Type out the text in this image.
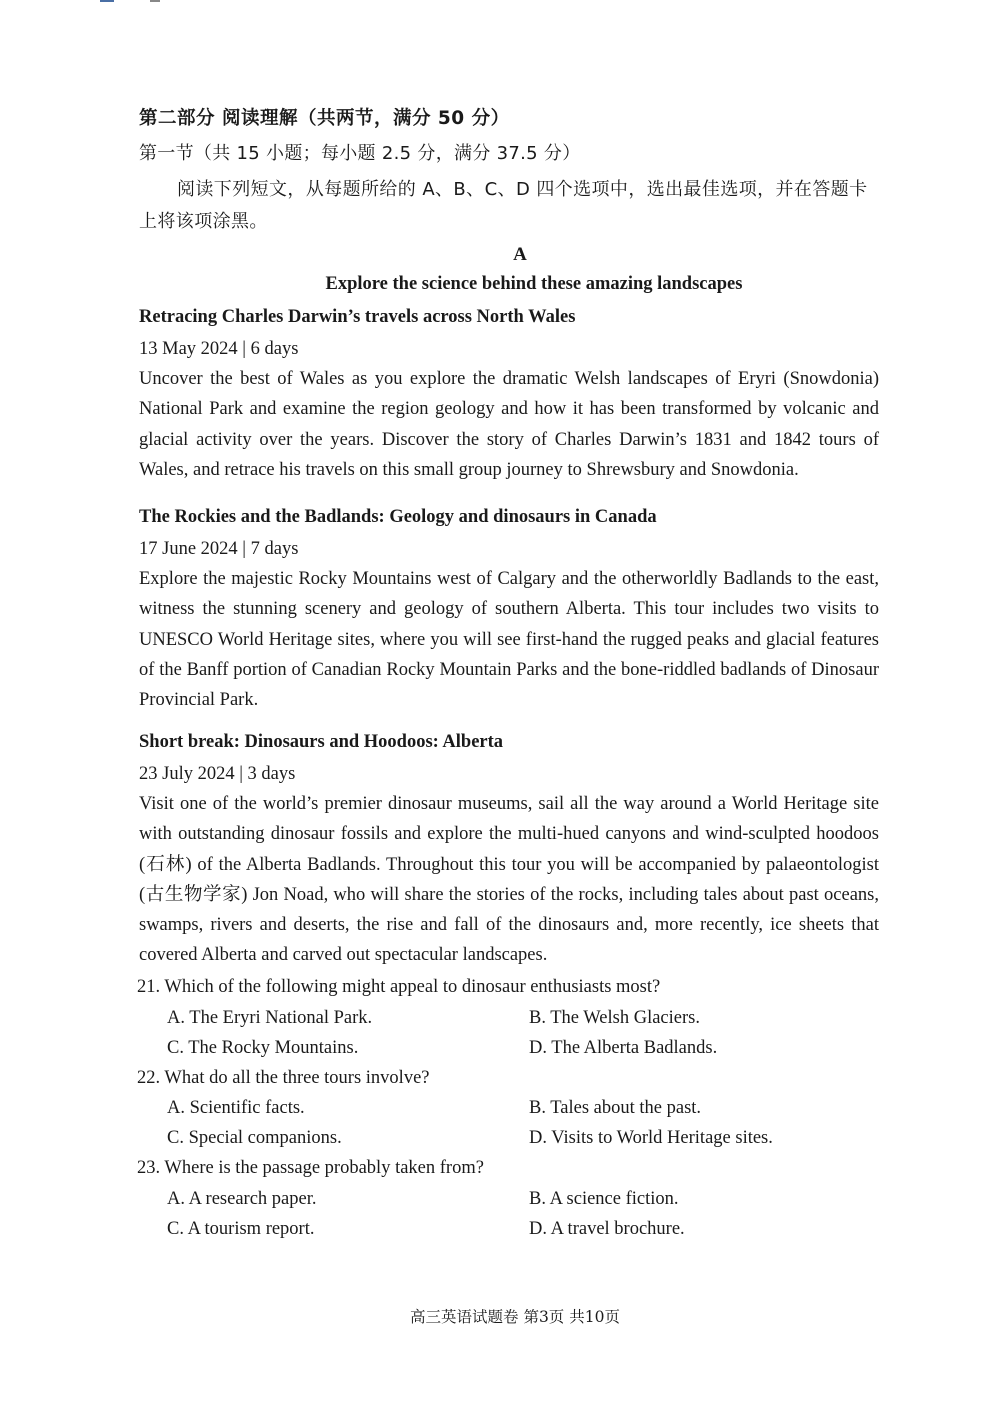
第二部分 阅读理解（共两节，满分 50 分）
第一节（共 15 小题；每小题 2.5 分，满分 37.5 分）
阅读下列短文，从每题所给的 A、B、C、D 四个选项中，选出最佳选项，并在答题卡上将该项涂黑。
A
Explore the science behind these amazing landscapes
Retracing Charles Darwin’s travels across North Wales
13 May 2024 | 6 days
Uncover the best of Wales as you explore the dramatic Welsh landscapes of Eryri (Snowdonia) National Park and examine the region geology and how it has been transformed by volcanic and glacial activity over the years. Discover the story of Charles Darwin’s 1831 and 1842 tours of Wales, and retrace his travels on this small group journey to Shrewsbury and Snowdonia.
The Rockies and the Badlands: Geology and dinosaurs in Canada
17 June 2024 | 7 days
Explore the majestic Rocky Mountains west of Calgary and the otherworldly Badlands to the east, witness the stunning scenery and geology of southern Alberta. This tour includes two visits to UNESCO World Heritage sites, where you will see first-hand the rugged peaks and glacial features of the Banff portion of Canadian Rocky Mountain Parks and the bone-riddled badlands of Dinosaur Provincial Park.
Short break: Dinosaurs and Hoodoos: Alberta
23 July 2024 | 3 days
Visit one of the world’s premier dinosaur museums, sail all the way around a World Heritage site with outstanding dinosaur fossils and explore the multi-hued canyons and wind-sculpted hoodoos (石林) of the Alberta Badlands. Throughout this tour you will be accompanied by palaeontologist (古生物学家) Jon Noad, who will share the stories of the rocks, including tales about past oceans, swamps, rivers and deserts, the rise and fall of the dinosaurs and, more recently, ice sheets that covered Alberta and carved out spectacular landscapes.
21. Which of the following might appeal to dinosaur enthusiasts most?
A. The Eryri National Park.	B. The Welsh Glaciers.
C. The Rocky Mountains.	D. The Alberta Badlands.
22. What do all the three tours involve?
A. Scientific facts.	B. Tales about the past.
C. Special companions.	D. Visits to World Heritage sites.
23. Where is the passage probably taken from?
A. A research paper.	B. A science fiction.
C. A tourism report.	D. A travel brochure.
高三英语试题卷 第3页 共10页
